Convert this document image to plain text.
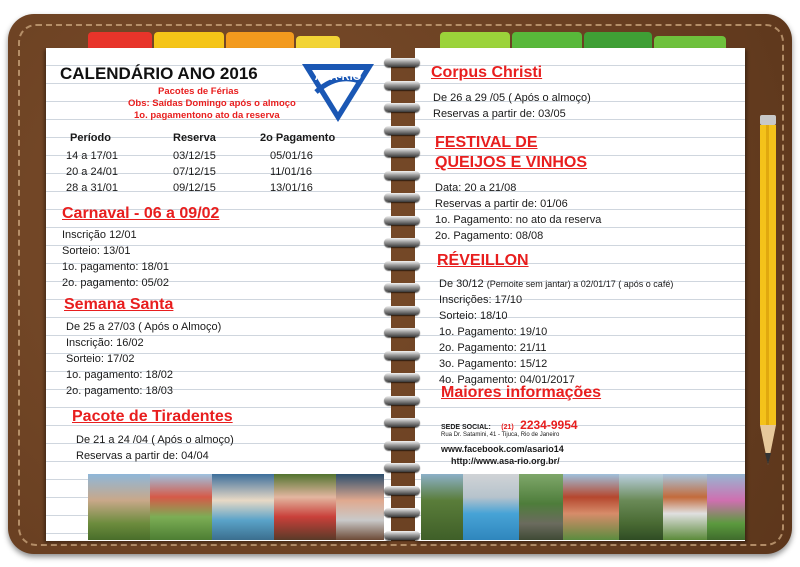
CALENDÁRIO ANO 2016
Pacotes de Férias
Obs: Saídas Domingo após o almoço
1o. pagamentono ato da reserva
Período	Reserva	2o Pagamento
14 a 17/01	03/12/15	05/01/16
20 a 24/01	07/12/15	11/01/16
28 a 31/01	09/12/15	13/01/16
Carnaval - 06 a 09/02
Inscrição 12/01
Sorteio: 13/01
1o. pagamento: 18/01
2o. pagamento: 05/02
Semana Santa
De 25 a 27/03 ( Após o Almoço)
Inscrição: 16/02
Sorteio: 17/02
1o. pagamento: 18/02
2o. pagamento: 18/03
Pacote de Tiradentes
De 21 a 24 /04 ( Após o almoço)
Reservas a partir de: 04/04
ASA-RIO	Corpus Christi
De 26 a 29 /05 ( Após o almoço)
Reservas a partir de: 03/05
FESTIVAL DE
QUEIJOS E VINHOS
Data: 20 a 21/08
Reservas a partir de: 01/06
1o. Pagamento: no ato da reserva
2o. Pagamento: 08/08
RÉVEILLON
De 30/12 (Pernoite sem jantar) a 02/01/17 ( após o café)
Inscrições: 17/10
Sorteio: 18/10
1o. Pagamento: 19/10
2o. Pagamento: 21/11
3o. Pagamento: 15/12
4o. Pagamento: 04/01/2017
Maiores informações
SEDE SOCIAL: (21) 2234-9954
Rua Dr. Satamini, 41 - Tijuca, Rio de Janeiro
www.facebook.com/asario14
http://www.asa-rio.org.br/
